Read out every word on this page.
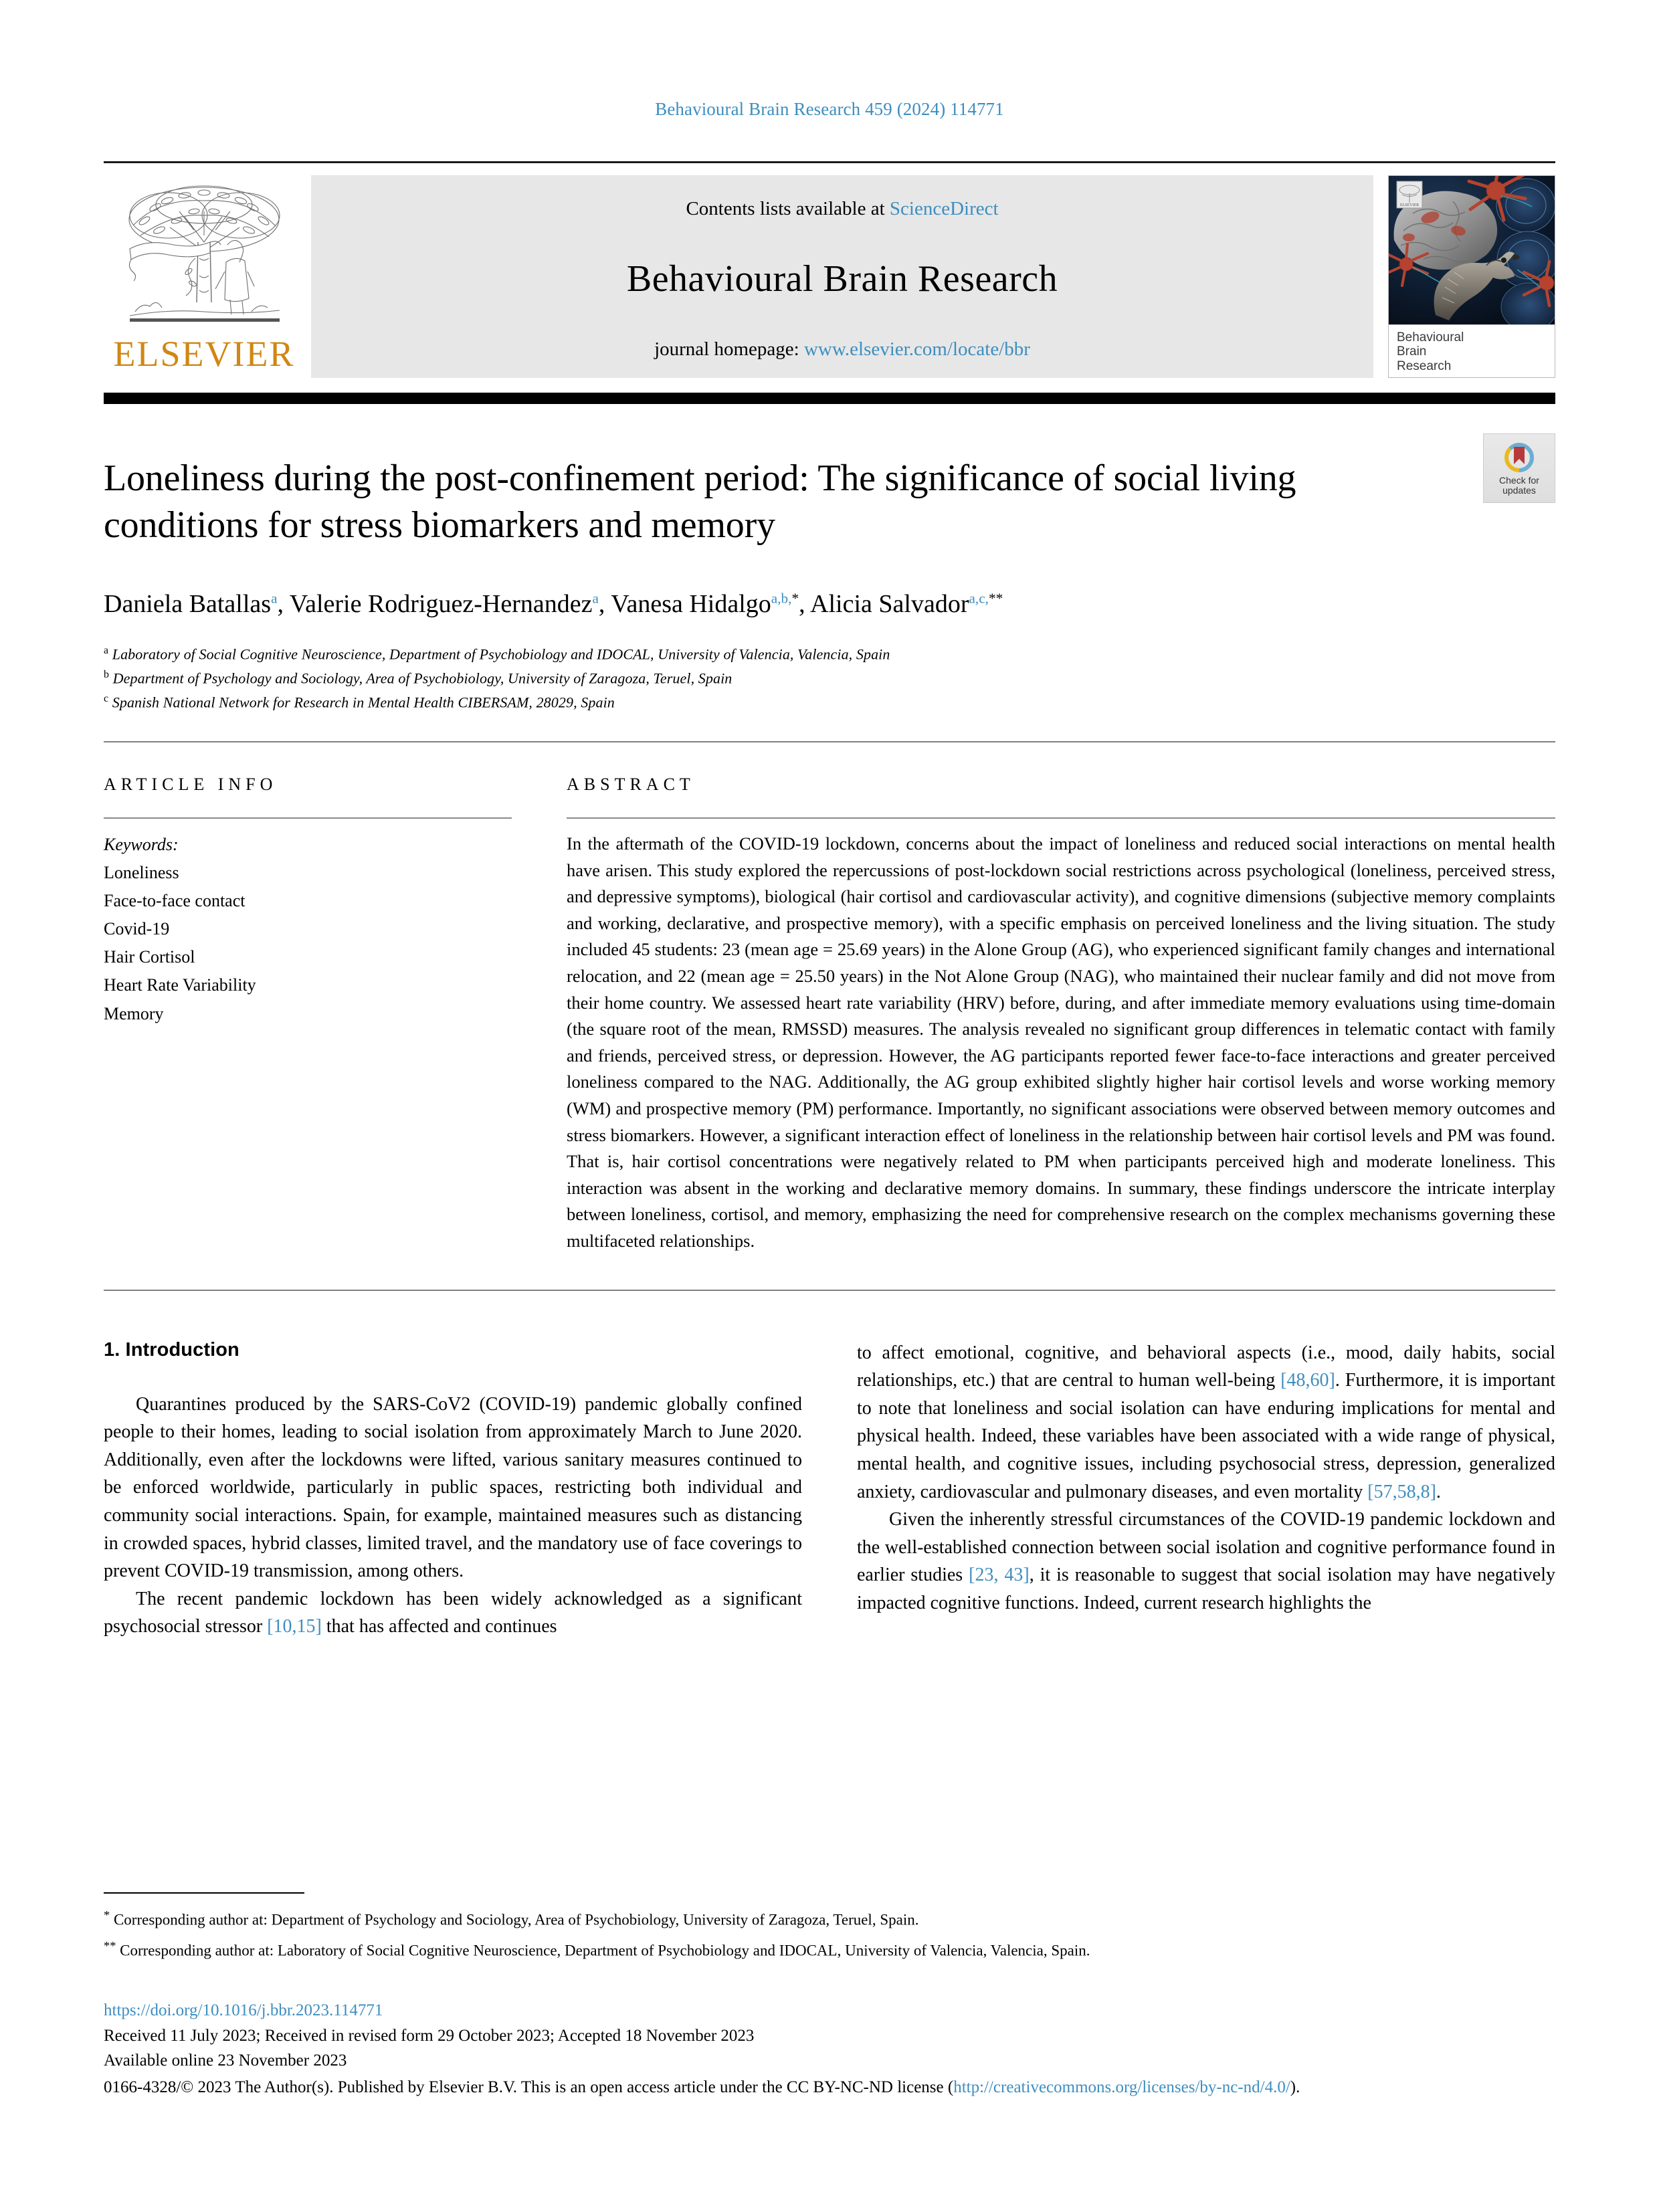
Behavioural Brain Research 459 (2024) 114771
ELSEVIER
Contents lists available at ScienceDirect
Behavioural Brain Research
journal homepage: www.elsevier.com/locate/bbr
ELSEVIER
Behavioural
Brain
Research
Check for
updates
Loneliness during the post-confinement period: The significance of social living conditions for stress biomarkers and memory
Daniela Batallas$^a$, Valerie Rodriguez-Hernandez$^a$, Vanesa Hidalgo$^{a,b,*}$, Alicia Salvador$^{a,c,**}$
$^a$ Laboratory of Social Cognitive Neuroscience, Department of Psychobiology and IDOCAL, University of Valencia, Valencia, Spain
$^b$ Department of Psychology and Sociology, Area of Psychobiology, University of Zaragoza, Teruel, Spain
$^c$ Spanish National Network for Research in Mental Health CIBERSAM, 28029, Spain
ARTICLE INFO
Keywords:
Loneliness
Face-to-face contact
Covid-19
Hair Cortisol
Heart Rate Variability
Memory
ABSTRACT
In the aftermath of the COVID-19 lockdown, concerns about the impact of loneliness and reduced social interactions on mental health have arisen. This study explored the repercussions of post-lockdown social restrictions across psychological (loneliness, perceived stress, and depressive symptoms), biological (hair cortisol and cardiovascular activity), and cognitive dimensions (subjective memory complaints and working, declarative, and prospective memory), with a specific emphasis on perceived loneliness and the living situation. The study included 45 students: 23 (mean age = 25.69 years) in the Alone Group (AG), who experienced significant family changes and international relocation, and 22 (mean age = 25.50 years) in the Not Alone Group (NAG), who maintained their nuclear family and did not move from their home country. We assessed heart rate variability (HRV) before, during, and after immediate memory evaluations using time-domain (the square root of the mean, RMSSD) measures. The analysis revealed no significant group differences in telematic contact with family and friends, perceived stress, or depression. However, the AG participants reported fewer face-to-face interactions and greater perceived loneliness compared to the NAG. Additionally, the AG group exhibited slightly higher hair cortisol levels and worse working memory (WM) and prospective memory (PM) performance. Importantly, no significant associations were observed between memory outcomes and stress biomarkers. However, a significant interaction effect of loneliness in the relationship between hair cortisol levels and PM was found. That is, hair cortisol concentrations were negatively related to PM when participants perceived high and moderate loneliness. This interaction was absent in the working and declarative memory domains. In summary, these findings underscore the intricate interplay between loneliness, cortisol, and memory, emphasizing the need for comprehensive research on the complex mechanisms governing these multifaceted relationships.
1. Introduction

Quarantines produced by the SARS-CoV2 (COVID-19) pandemic globally confined people to their homes, leading to social isolation from approximately March to June 2020. Additionally, even after the lockdowns were lifted, various sanitary measures continued to be enforced worldwide, particularly in public spaces, restricting both individual and community social interactions. Spain, for example, maintained measures such as distancing in crowded spaces, hybrid classes, limited travel, and the mandatory use of face coverings to prevent COVID-19 transmission, among others.

The recent pandemic lockdown has been widely acknowledged as a significant psychosocial stressor [10,15] that has affected and continues

to affect emotional, cognitive, and behavioral aspects (i.e., mood, daily habits, social relationships, etc.) that are central to human well-being [48,60]. Furthermore, it is important to note that loneliness and social isolation can have enduring implications for mental and physical health. Indeed, these variables have been associated with a wide range of physical, mental health, and cognitive issues, including psychosocial stress, depression, generalized anxiety, cardiovascular and pulmonary diseases, and even mortality [57,58,8].

Given the inherently stressful circumstances of the COVID-19 pandemic lockdown and the well-established connection between social isolation and cognitive performance found in earlier studies [23, 43], it is reasonable to suggest that social isolation may have negatively impacted cognitive functions. Indeed, current research highlights the

* Corresponding author at: Department of Psychology and Sociology, Area of Psychobiology, University of Zaragoza, Teruel, Spain.
** Corresponding author at: Laboratory of Social Cognitive Neuroscience, Department of Psychobiology and IDOCAL, University of Valencia, Valencia, Spain.
https://doi.org/10.1016/j.bbr.2023.114771
Received 11 July 2023; Received in revised form 29 October 2023; Accepted 18 November 2023
Available online 23 November 2023
0166-4328/© 2023 The Author(s). Published by Elsevier B.V. This is an open access article under the CC BY-NC-ND license (http://creativecommons.org/licenses/by-nc-nd/4.0/).
